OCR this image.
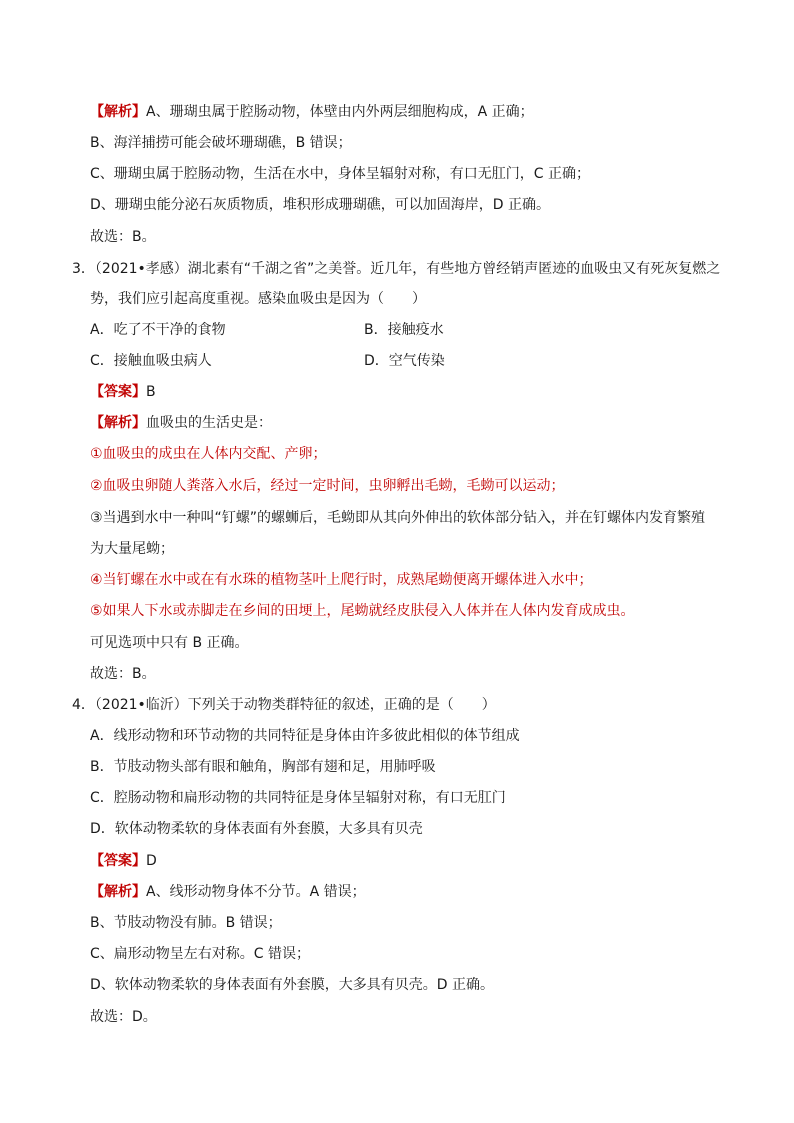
【解析】A、珊瑚虫属于腔肠动物，体壁由内外两层细胞构成，A 正确；
B、海洋捕捞可能会破坏珊瑚礁，B 错误；
C、珊瑚虫属于腔肠动物，生活在水中，身体呈辐射对称，有口无肛门，C 正确；
D、珊瑚虫能分泌石灰质物质，堆积形成珊瑚礁，可以加固海岸，D 正确。
故选：B。
3．（2021•孝感）湖北素有“千湖之省”之美誉。近几年，有些地方曾经销声匿迹的血吸虫又有死灰复燃之
势，我们应引起高度重视。感染血吸虫是因为（　　）
A．吃了不干净的食物	B．接触疫水
C．接触血吸虫病人	D．空气传染
【答案】B
【解析】血吸虫的生活史是：
①血吸虫的成虫在人体内交配、产卵；
②血吸虫卵随人粪落入水后，经过一定时间，虫卵孵出毛蚴，毛蚴可以运动；
③当遇到水中一种叫“钉螺”的螺蛳后，毛蚴即从其向外伸出的软体部分钻入，并在钉螺体内发育繁殖
为大量尾蚴；
④当钉螺在水中或在有水珠的植物茎叶上爬行时，成熟尾蚴便离开螺体进入水中；
⑤如果人下水或赤脚走在乡间的田埂上，尾蚴就经皮肤侵入人体并在人体内发育成成虫。
可见选项中只有 B 正确。
故选：B。
4．（2021•临沂）下列关于动物类群特征的叙述，正确的是（　　）
A．线形动物和环节动物的共同特征是身体由许多彼此相似的体节组成
B．节肢动物头部有眼和触角，胸部有翅和足，用肺呼吸
C．腔肠动物和扁形动物的共同特征是身体呈辐射对称，有口无肛门
D．软体动物柔软的身体表面有外套膜，大多具有贝壳
【答案】D
【解析】A、线形动物身体不分节。A 错误；
B、节肢动物没有肺。B 错误；
C、扁形动物呈左右对称。C 错误；
D、软体动物柔软的身体表面有外套膜，大多具有贝壳。D 正确。
故选：D。
